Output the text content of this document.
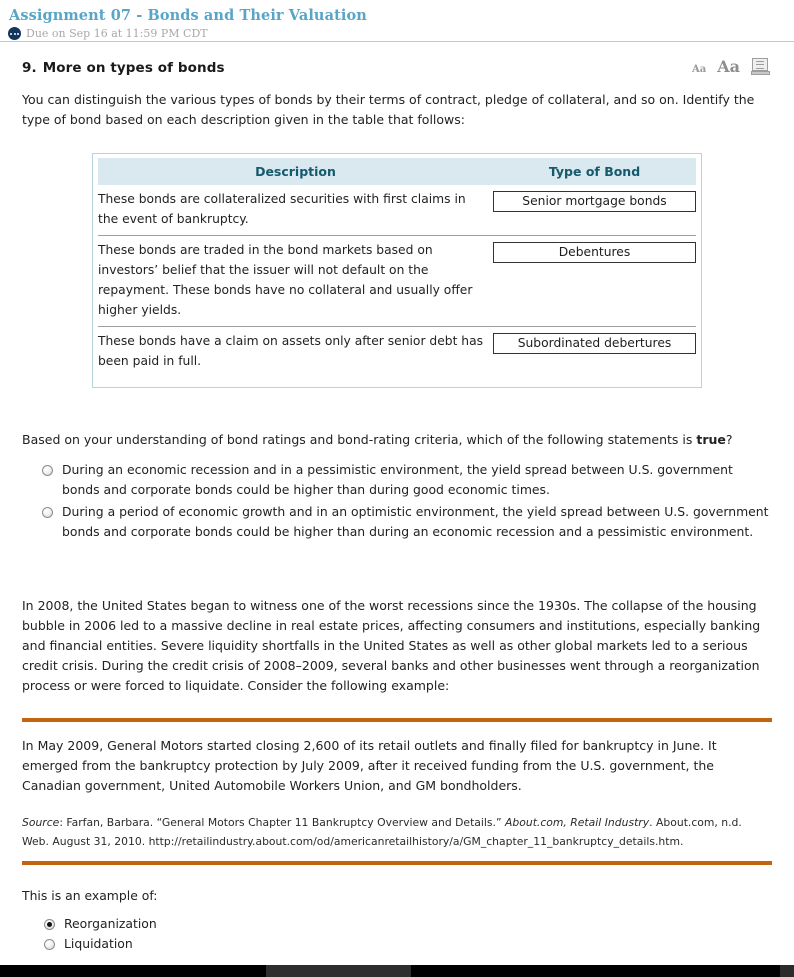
Assignment 07 - Bonds and Their Valuation
Due on Sep 16 at 11:59 PM CDT
9. More on types of bonds	Aa Aa
You can distinguish the various types of bonds by their terms of contract, pledge of collateral, and so on. Identify the type of bond based on each description given in the table that follows:
Description	Type of Bond
These bonds are collateralized securities with first claims in the event of bankruptcy.	Senior mortgage bonds

These bonds are traded in the bond markets based on investors’ belief that the issuer will not default on the repayment. These bonds have no collateral and usually offer higher yields.	Debentures

These bonds have a claim on assets only after senior debt has been paid in full.	Subordinated debertures
Based on your understanding of bond ratings and bond-rating criteria, which of the following statements is true?
During an economic recession and in a pessimistic environment, the yield spread between U.S. government bonds and corporate bonds could be higher than during good economic times.
During a period of economic growth and in an optimistic environment, the yield spread between U.S. government bonds and corporate bonds could be higher than during an economic recession and a pessimistic environment.
In 2008, the United States began to witness one of the worst recessions since the 1930s. The collapse of the housing bubble in 2006 led to a massive decline in real estate prices, affecting consumers and institutions, especially banking and financial entities. Severe liquidity shortfalls in the United States as well as other global markets led to a serious credit crisis. During the credit crisis of 2008–2009, several banks and other businesses went through a reorganization process or were forced to liquidate. Consider the following example:
In May 2009, General Motors started closing 2,600 of its retail outlets and finally filed for bankruptcy in June. It emerged from the bankruptcy protection by July 2009, after it received funding from the U.S. government, the Canadian government, United Automobile Workers Union, and GM bondholders.
Source: Farfan, Barbara. “General Motors Chapter 11 Bankruptcy Overview and Details.” About.com, Retail Industry. About.com, n.d. Web. August 31, 2010. http://retailindustry.about.com/od/americanretailhistory/a/GM_chapter_11_bankruptcy_details.htm.
This is an example of:
Reorganization
Liquidation
